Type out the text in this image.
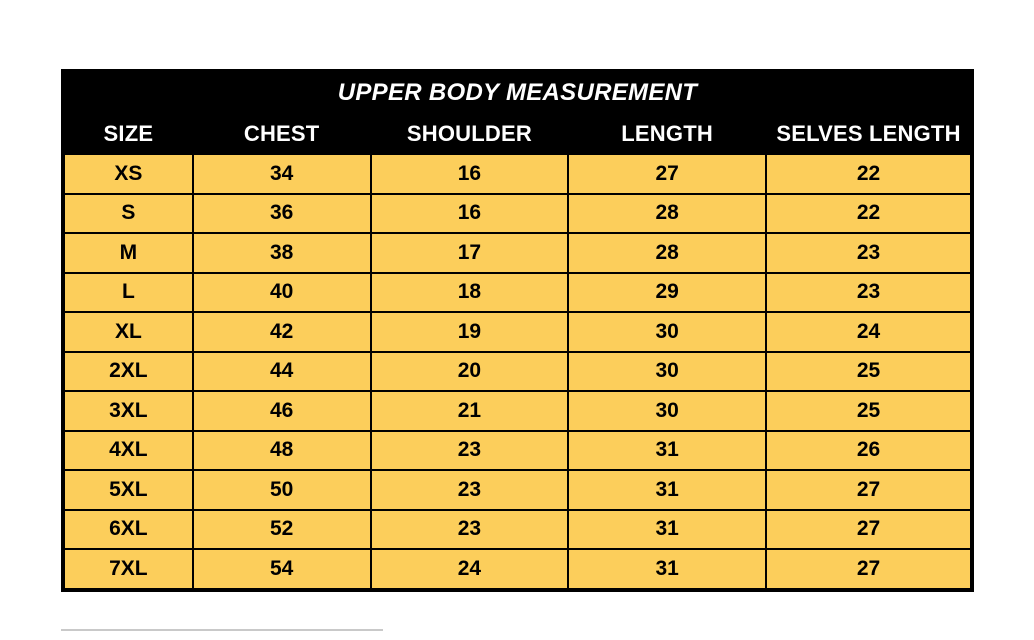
UPPER BODY MEASUREMENT				
SIZE	CHEST	SHOULDER	LENGTH	SELVES LENGTH
XS	34	16	27	22
S	36	16	28	22
M	38	17	28	23
L	40	18	29	23
XL	42	19	30	24
2XL	44	20	30	25
3XL	46	21	30	25
4XL	48	23	31	26
5XL	50	23	31	27
6XL	52	23	31	27
7XL	54	24	31	27
